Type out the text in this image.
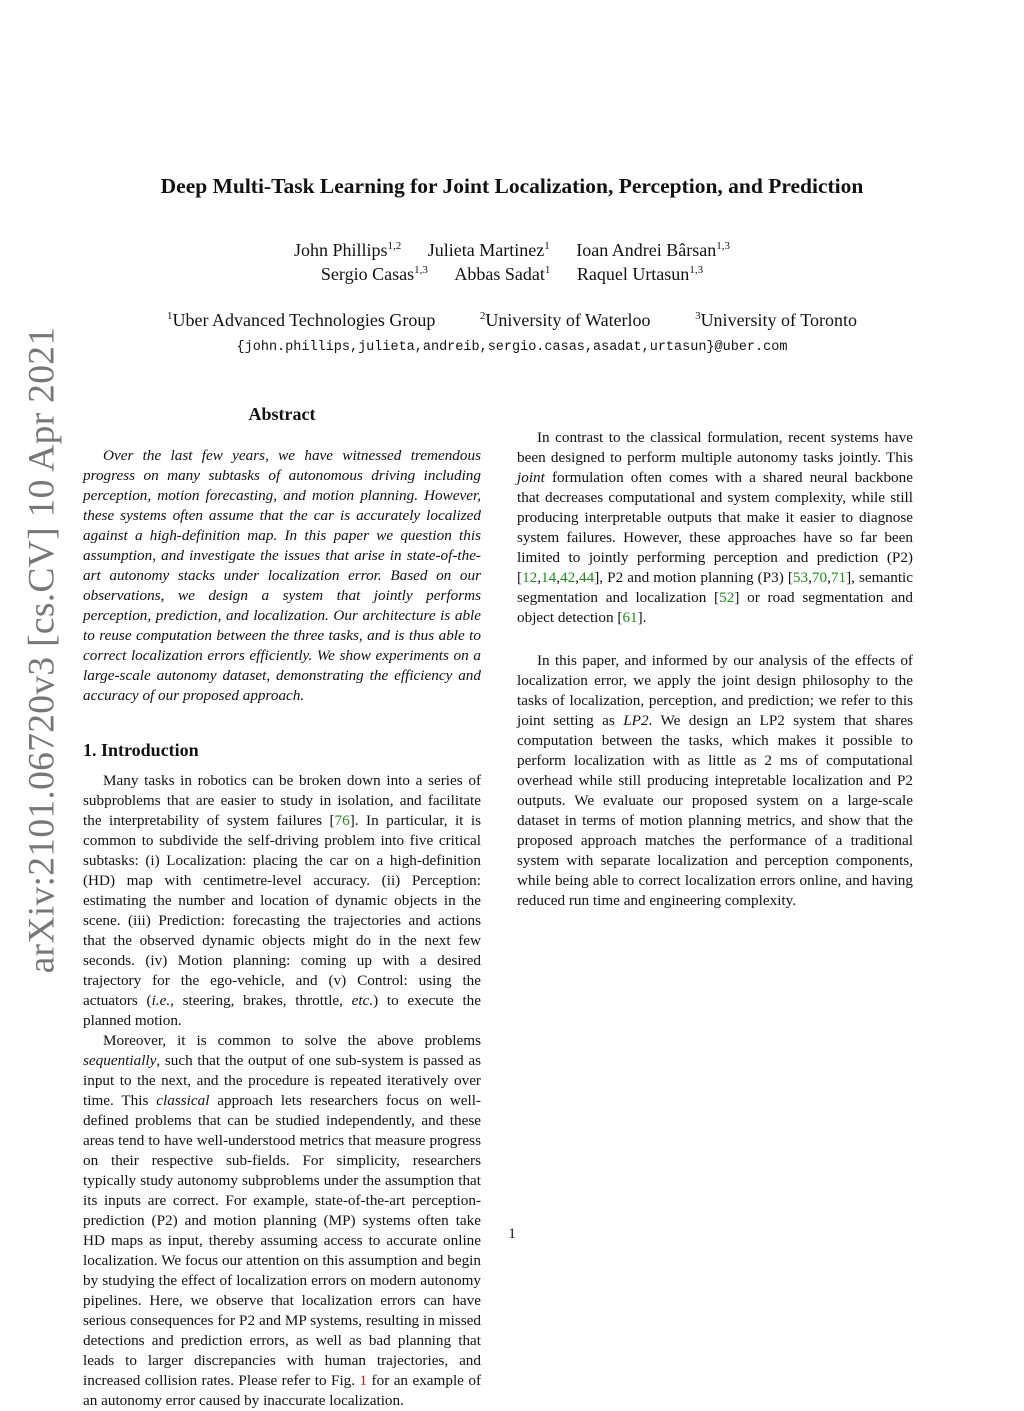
arXiv:2101.06720v3 [cs.CV] 10 Apr 2021
Deep Multi-Task Learning for Joint Localization, Perception, and Prediction
John Phillips$^{1,2}$ Julieta Martinez$^1$ Ioan Andrei Bârsan$^{1,3}$
Sergio Casas$^{1,3}$ Abbas Sadat$^1$ Raquel Urtasun$^{1,3}$
$^1$Uber Advanced Technologies Group	$^2$University of Waterloo	$^3$University of Toronto
{john.phillips,julieta,andreib,sergio.casas,asadat,urtasun}@uber.com
Abstract

Over the last few years, we have witnessed tremendous progress on many subtasks of autonomous driving including perception, motion forecasting, and motion planning. However, these systems often assume that the car is accurately localized against a high-definition map. In this paper we question this assumption, and investigate the issues that arise in state-of-the-art autonomy stacks under localization error. Based on our observations, we design a system that jointly performs perception, prediction, and localization. Our architecture is able to reuse computation between the three tasks, and is thus able to correct localization errors efficiently. We show experiments on a large-scale autonomy dataset, demonstrating the efficiency and accuracy of our proposed approach.

1. Introduction

Many tasks in robotics can be broken down into a series of subproblems that are easier to study in isolation, and facilitate the interpretability of system failures [76]. In particular, it is common to subdivide the self-driving problem into five critical subtasks: (i) Localization: placing the car on a high-definition (HD) map with centimetre-level accuracy. (ii) Perception: estimating the number and location of dynamic objects in the scene. (iii) Prediction: forecasting the trajectories and actions that the observed dynamic objects might do in the next few seconds. (iv) Motion planning: coming up with a desired trajectory for the ego-vehicle, and (v) Control: using the actuators (i.e., steering, brakes, throttle, etc.) to execute the planned motion.

Moreover, it is common to solve the above problems sequentially, such that the output of one sub-system is passed as input to the next, and the procedure is repeated iteratively over time. This classical approach lets researchers focus on well-defined problems that can be studied independently, and these areas tend to have well-understood metrics that measure progress on their respective sub-fields. For simplicity, researchers typically study autonomy subproblems under the assumption that its inputs are correct. For example, state-of-the-art perception-prediction (P2) and motion planning (MP) systems often take HD maps as input, thereby assuming access to accurate online localization. We focus our attention on this assumption and begin by studying the effect of localization errors on modern autonomy pipelines. Here, we observe that localization errors can have serious consequences for P2 and MP systems, resulting in missed detections and prediction errors, as well as bad planning that leads to larger discrepancies with human trajectories, and increased collision rates. Please refer to Fig. 1 for an example of an autonomy error caused by inaccurate localization.

In contrast to the classical formulation, recent systems have been designed to perform multiple autonomy tasks jointly. This joint formulation often comes with a shared neural backbone that decreases computational and system complexity, while still producing interpretable outputs that make it easier to diagnose system failures. However, these approaches have so far been limited to jointly performing perception and prediction (P2) [12,14,42,44], P2 and motion planning (P3) [53,70,71], semantic segmentation and localization [52] or road segmentation and object detection [61].

In this paper, and informed by our analysis of the effects of localization error, we apply the joint design philosophy to the tasks of localization, perception, and prediction; we refer to this joint setting as LP2. We design an LP2 system that shares computation between the tasks, which makes it possible to perform localization with as little as 2 ms of computational overhead while still producing intepretable localization and P2 outputs. We evaluate our proposed system on a large-scale dataset in terms of motion planning metrics, and show that the proposed approach matches the performance of a traditional system with separate localization and perception components, while being able to correct localization errors online, and having reduced run time and engineering complexity.

1
